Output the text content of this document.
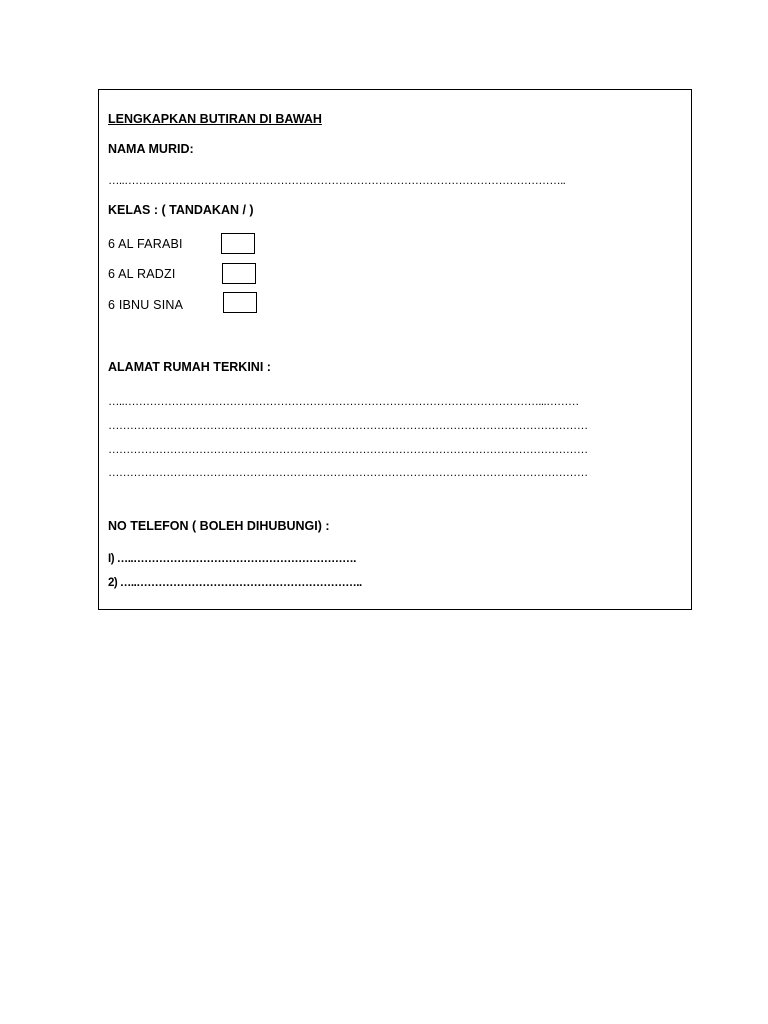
LENGKAPKAN BUTIRAN DI BAWAH
NAMA MURID:
…..…………………………………………………………………………………………………………..
KELAS : ( TANDAKAN / )
6 AL FARABI
6 AL RADZI
6 IBNU SINA
ALAMAT RUMAH TERKINI :
…..……………………………………………………………………………………………………...………
……………………………………………………………………………………………………………………
……………………………………………………………………………………………………………………
……………………………………………………………………………………………………………………
NO TELEFON ( BOLEH DIHUBUNGI) :
I) …..…………………………………………………….
2) …..……………………………………………………..
